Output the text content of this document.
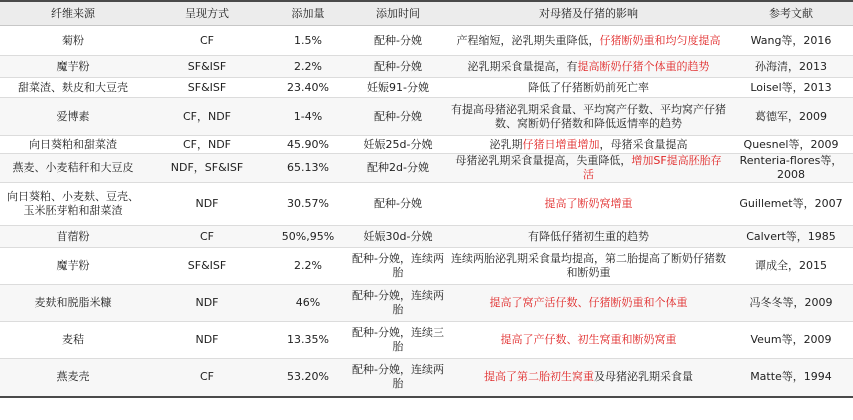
纤维来源	呈现方式	添加量	添加时间	对母猪及仔猪的影响	参考文献
菊粉	CF	1.5%	配种-分娩	产程缩短，泌乳期失重降低，仔猪断奶重和均匀度提高	Wang等，2016
魔芋粉	SF&ISF	2.2%	配种-分娩	泌乳期采食量提高，有提高断奶仔猪个体重的趋势	孙海清，2013
甜菜渣、麸皮和大豆壳	SF&ISF	23.40%	妊娠91-分娩	降低了仔猪断奶前死亡率	Loisel等，2013
爱博素	CF，NDF	1-4%	配种-分娩	有提高母猪泌乳期采食量、平均窝产仔数、平均窝产仔猪数、窝断奶仔猪数和降低返情率的趋势	葛德军，2009
向日葵粕和甜菜渣	CF，NDF	45.90%	妊娠25d-分娩	泌乳期仔猪日增重增加，母猪采食量提高	Quesnel等，2009
燕麦、小麦秸秆和大豆皮	NDF，SF&ISF	65.13%	配种2d-分娩	母猪泌乳期采食量提高，失重降低，增加SF提高胚胎存活	Renteria-flores等，2008
向日葵粕、小麦麸、豆壳、玉米胚芽粕和甜菜渣	NDF	30.57%	配种-分娩	提高了断奶窝增重	Guillemet等，2007
苜蓿粉	CF	50%,95%	妊娠30d-分娩	有降低仔猪初生重的趋势	Calvert等，1985
魔芋粉	SF&ISF	2.2%	配种-分娩，连续两胎	连续两胎泌乳期采食量均提高，第二胎提高了断奶仔猪数和断奶重	谭成全，2015
麦麸和脱脂米糠	NDF	46%	配种-分娩，连续两胎	提高了窝产活仔数、仔猪断奶重和个体重	冯冬冬等，2009
麦秸	NDF	13.35%	配种-分娩，连续三胎	提高了产仔数、初生窝重和断奶窝重	Veum等，2009
燕麦壳	CF	53.20%	配种-分娩，连续两胎	提高了第二胎初生窝重及母猪泌乳期采食量	Matte等，1994
